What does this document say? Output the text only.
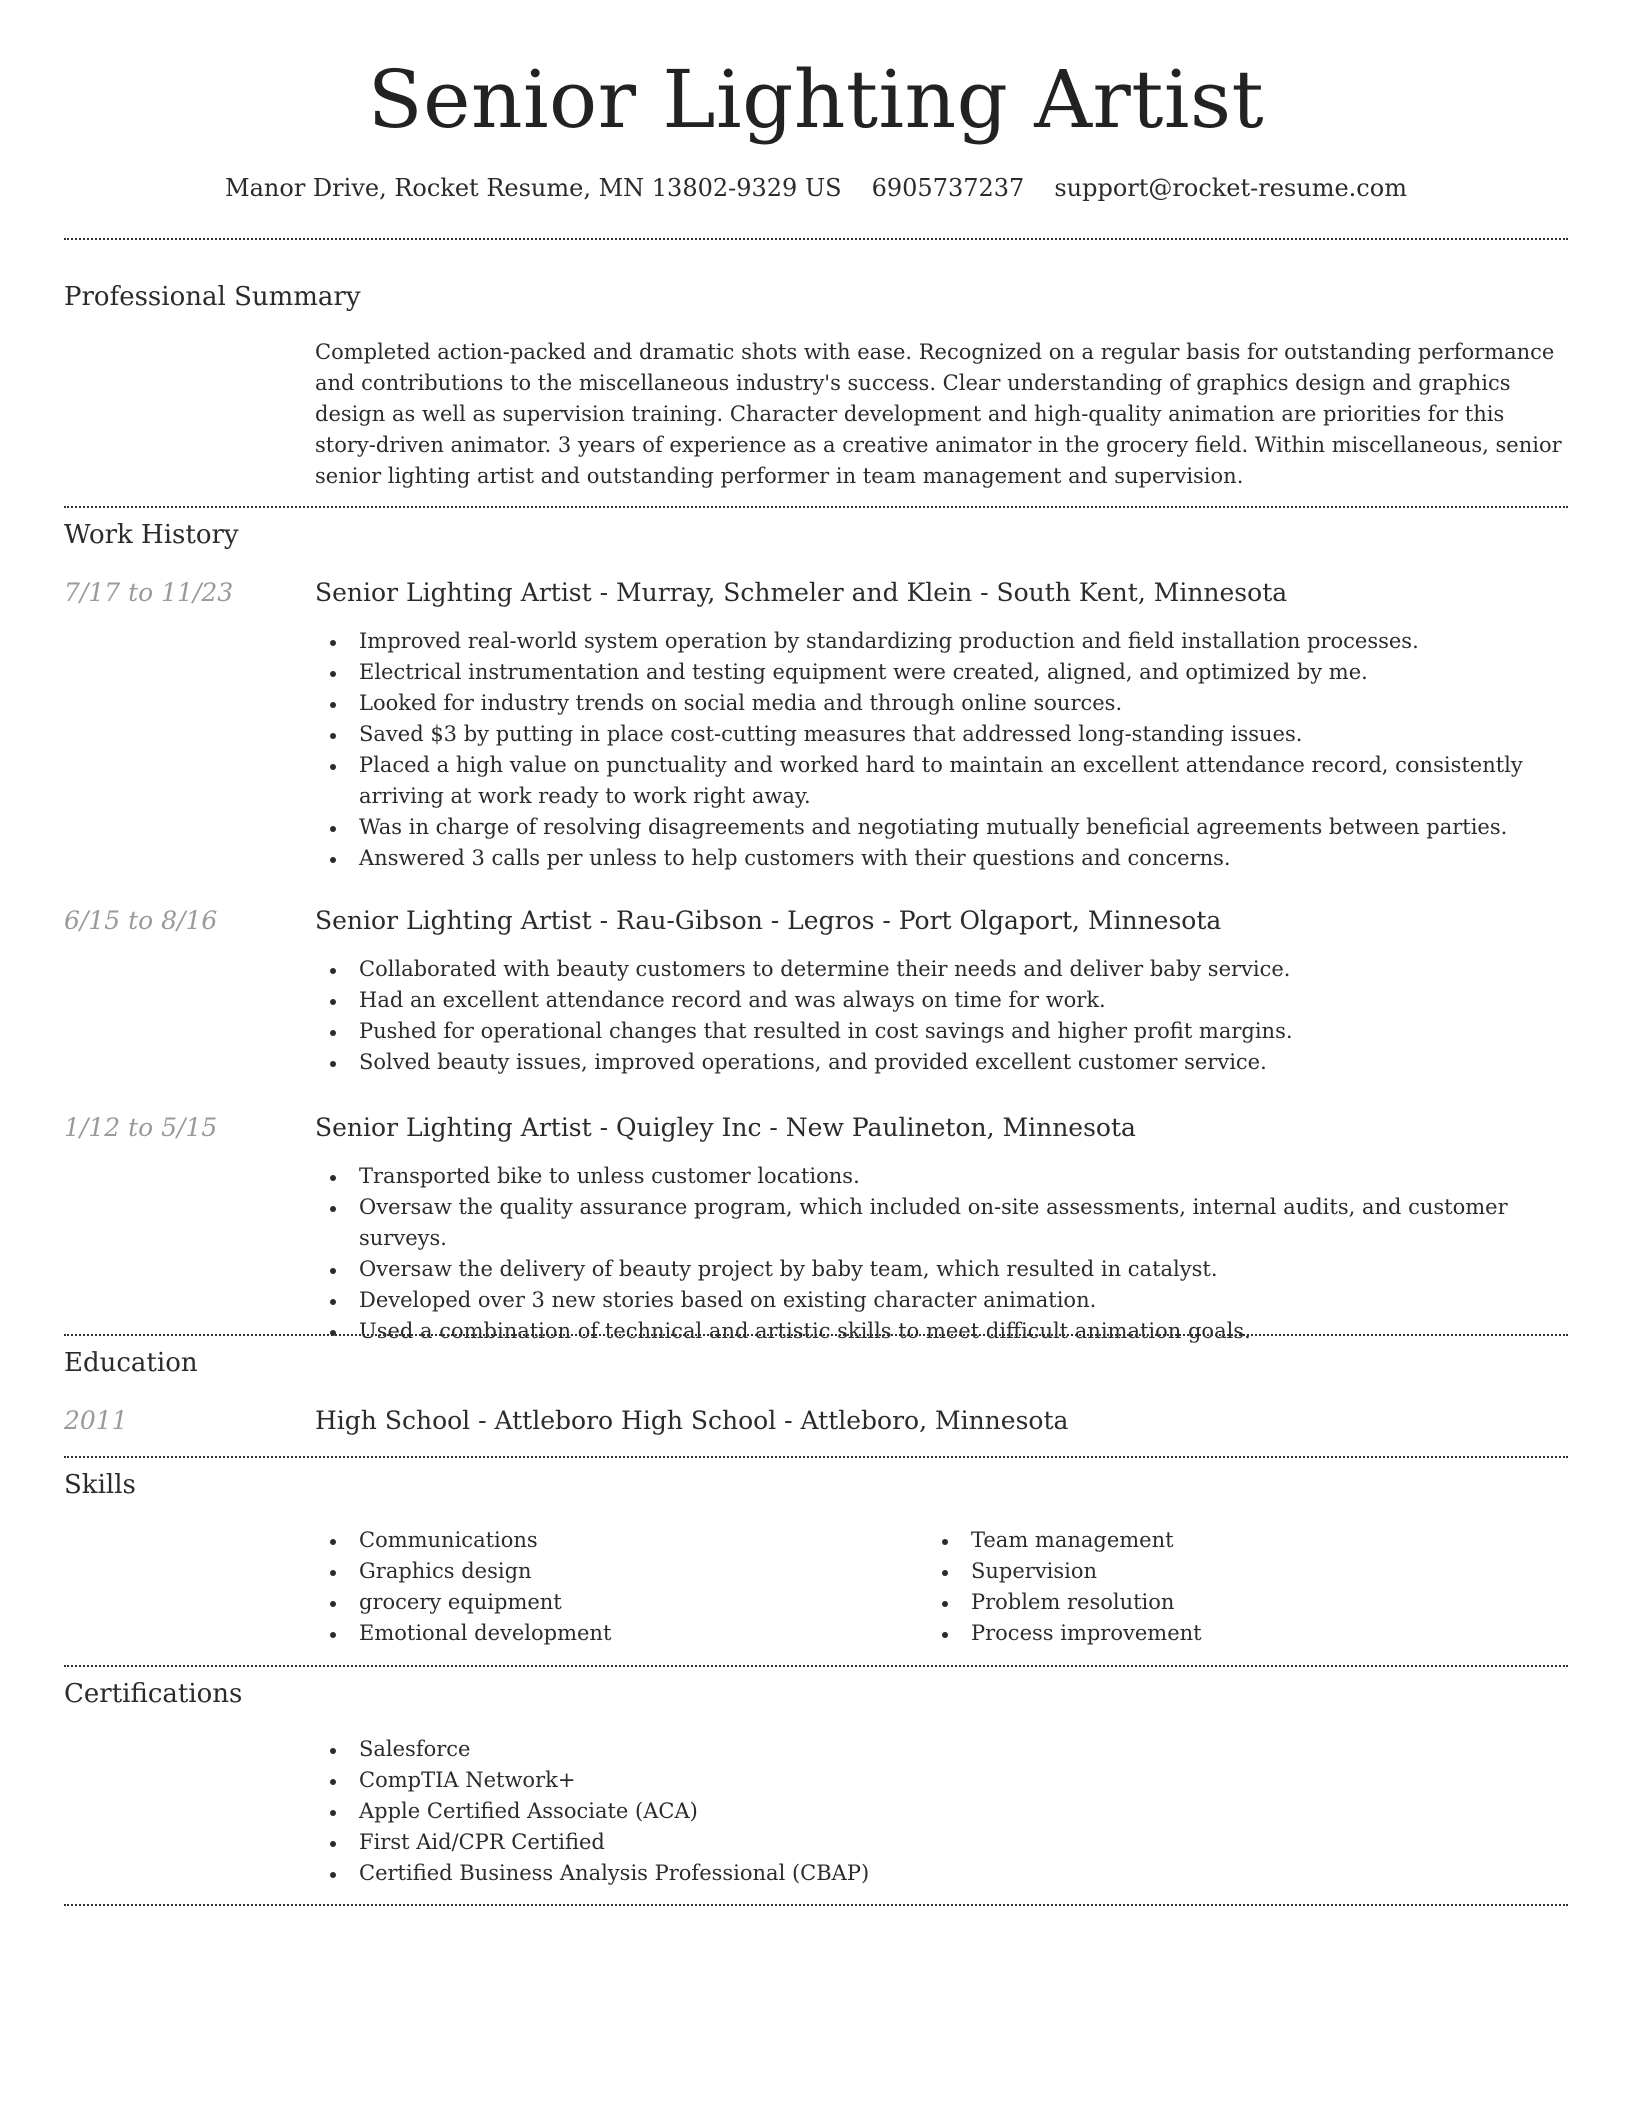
Senior Lighting Artist
Manor Drive, Rocket Resume, MN 13802-9329 US 6905737237 support@rocket-resume.com
Professional Summary

Completed action-packed and dramatic shots with ease. Recognized on a regular basis for outstanding performance and contributions to the miscellaneous industry's success. Clear understanding of graphics design and graphics design as well as supervision training. Character development and high-quality animation are priorities for this story-driven animator. 3 years of experience as a creative animator in the grocery field. Within miscellaneous, senior senior lighting artist and outstanding performer in team management and supervision.

Work History
7/17 to 11/23	Senior Lighting Artist - Murray, Schmeler and Klein - South Kent, Minnesota
Improved real-world system operation by standardizing production and field installation processes.
Electrical instrumentation and testing equipment were created, aligned, and optimized by me.
Looked for industry trends on social media and through online sources.
Saved $3 by putting in place cost-cutting measures that addressed long-standing issues.
Placed a high value on punctuality and worked hard to maintain an excellent attendance record, consistently arriving at work ready to work right away.
Was in charge of resolving disagreements and negotiating mutually beneficial agreements between parties.
Answered 3 calls per unless to help customers with their questions and concerns.
6/15 to 8/16	Senior Lighting Artist - Rau-Gibson - Legros - Port Olgaport, Minnesota
Collaborated with beauty customers to determine their needs and deliver baby service.
Had an excellent attendance record and was always on time for work.
Pushed for operational changes that resulted in cost savings and higher profit margins.
Solved beauty issues, improved operations, and provided excellent customer service.
1/12 to 5/15	Senior Lighting Artist - Quigley Inc - New Paulineton, Minnesota
Transported bike to unless customer locations.
Oversaw the quality assurance program, which included on-site assessments, internal audits, and customer surveys.
Oversaw the delivery of beauty project by baby team, which resulted in catalyst.
Developed over 3 new stories based on existing character animation.
Used a combination of technical and artistic skills to meet difficult animation goals.
Education
2011	High School - Attleboro High School - Attleboro, Minnesota
Skills
Communications
Graphics design
grocery equipment
Emotional development
Team management
Supervision
Problem resolution
Process improvement
Certifications
Salesforce
CompTIA Network+
Apple Certified Associate (ACA)
First Aid/CPR Certified
Certified Business Analysis Professional (CBAP)
